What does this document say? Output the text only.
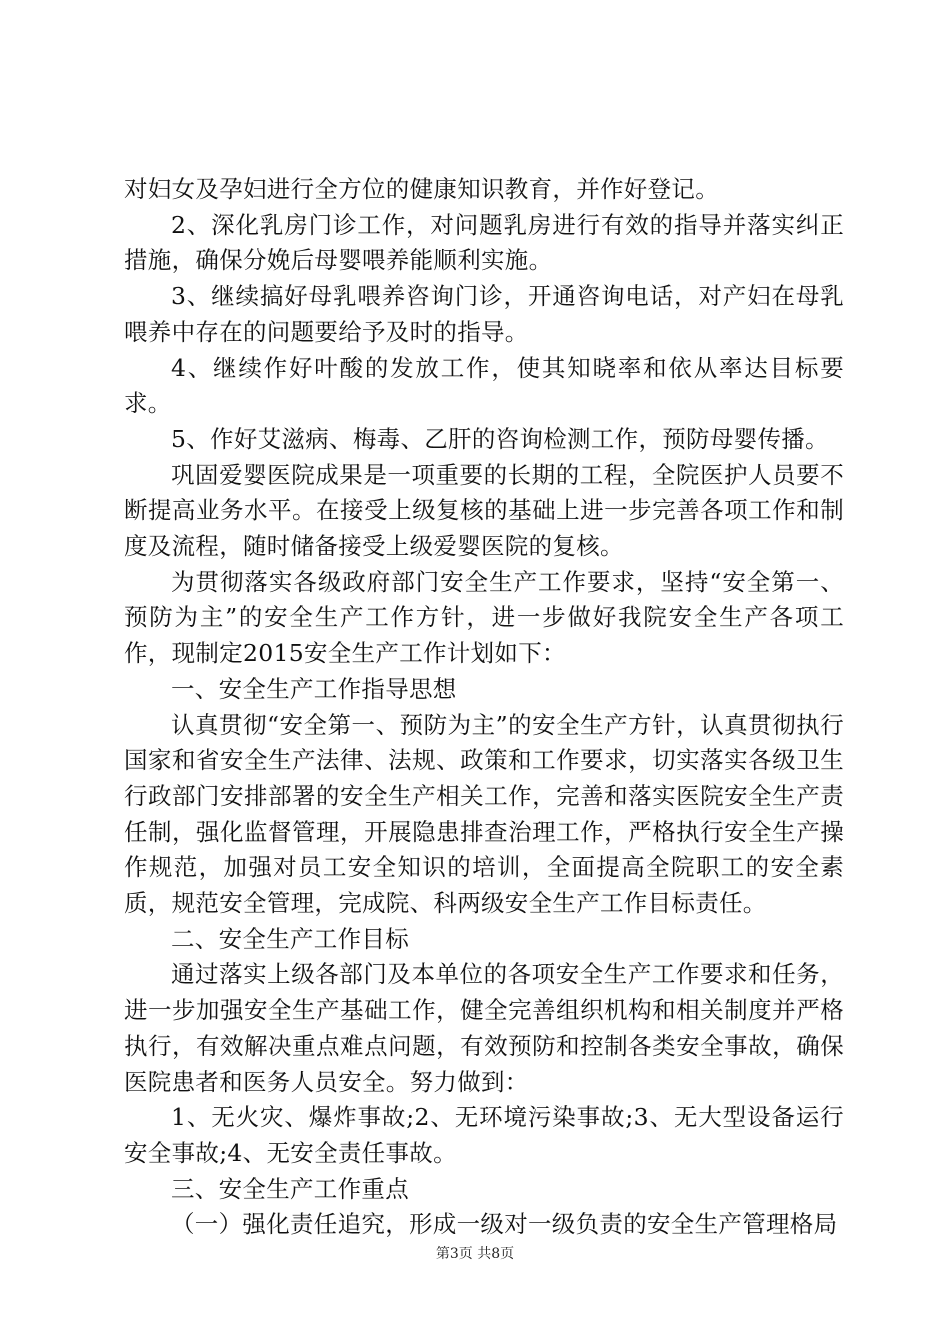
对妇女及孕妇进行全方位的健康知识教育，并作好登记。

2、深化乳房门诊工作，对问题乳房进行有效的指导并落实纠正措施，确保分娩后母婴喂养能顺利实施。

3、继续搞好母乳喂养咨询门诊，开通咨询电话，对产妇在母乳喂养中存在的问题要给予及时的指导。

4、继续作好叶酸的发放工作，使其知晓率和依从率达目标要求。

5、作好艾滋病、梅毒、乙肝的咨询检测工作，预防母婴传播。

巩固爱婴医院成果是一项重要的长期的工程，全院医护人员要不断提高业务水平。在接受上级复核的基础上进一步完善各项工作和制度及流程，随时储备接受上级爱婴医院的复核。

为贯彻落实各级政府部门安全生产工作要求，坚持“安全第一、预防为主”的安全生产工作方针，进一步做好我院安全生产各项工作，现制定2015安全生产工作计划如下：

一、安全生产工作指导思想

认真贯彻“安全第一、预防为主”的安全生产方针，认真贯彻执行国家和省安全生产法律、法规、政策和工作要求，切实落实各级卫生行政部门安排部署的安全生产相关工作，完善和落实医院安全生产责任制，强化监督管理，开展隐患排查治理工作，严格执行安全生产操作规范，加强对员工安全知识的培训，全面提高全院职工的安全素质，规范安全管理，完成院、科两级安全生产工作目标责任。

二、安全生产工作目标

通过落实上级各部门及本单位的各项安全生产工作要求和任务，进一步加强安全生产基础工作，健全完善组织机构和相关制度并严格执行，有效解决重点难点问题，有效预防和控制各类安全事故，确保医院患者和医务人员安全。努力做到：

1、无火灾、爆炸事故;2、无环境污染事故;3、无大型设备运行安全事故;4、无安全责任事故。

三、安全生产工作重点

（一）强化责任追究，形成一级对一级负责的安全生产管理格局

第3页 共8页
